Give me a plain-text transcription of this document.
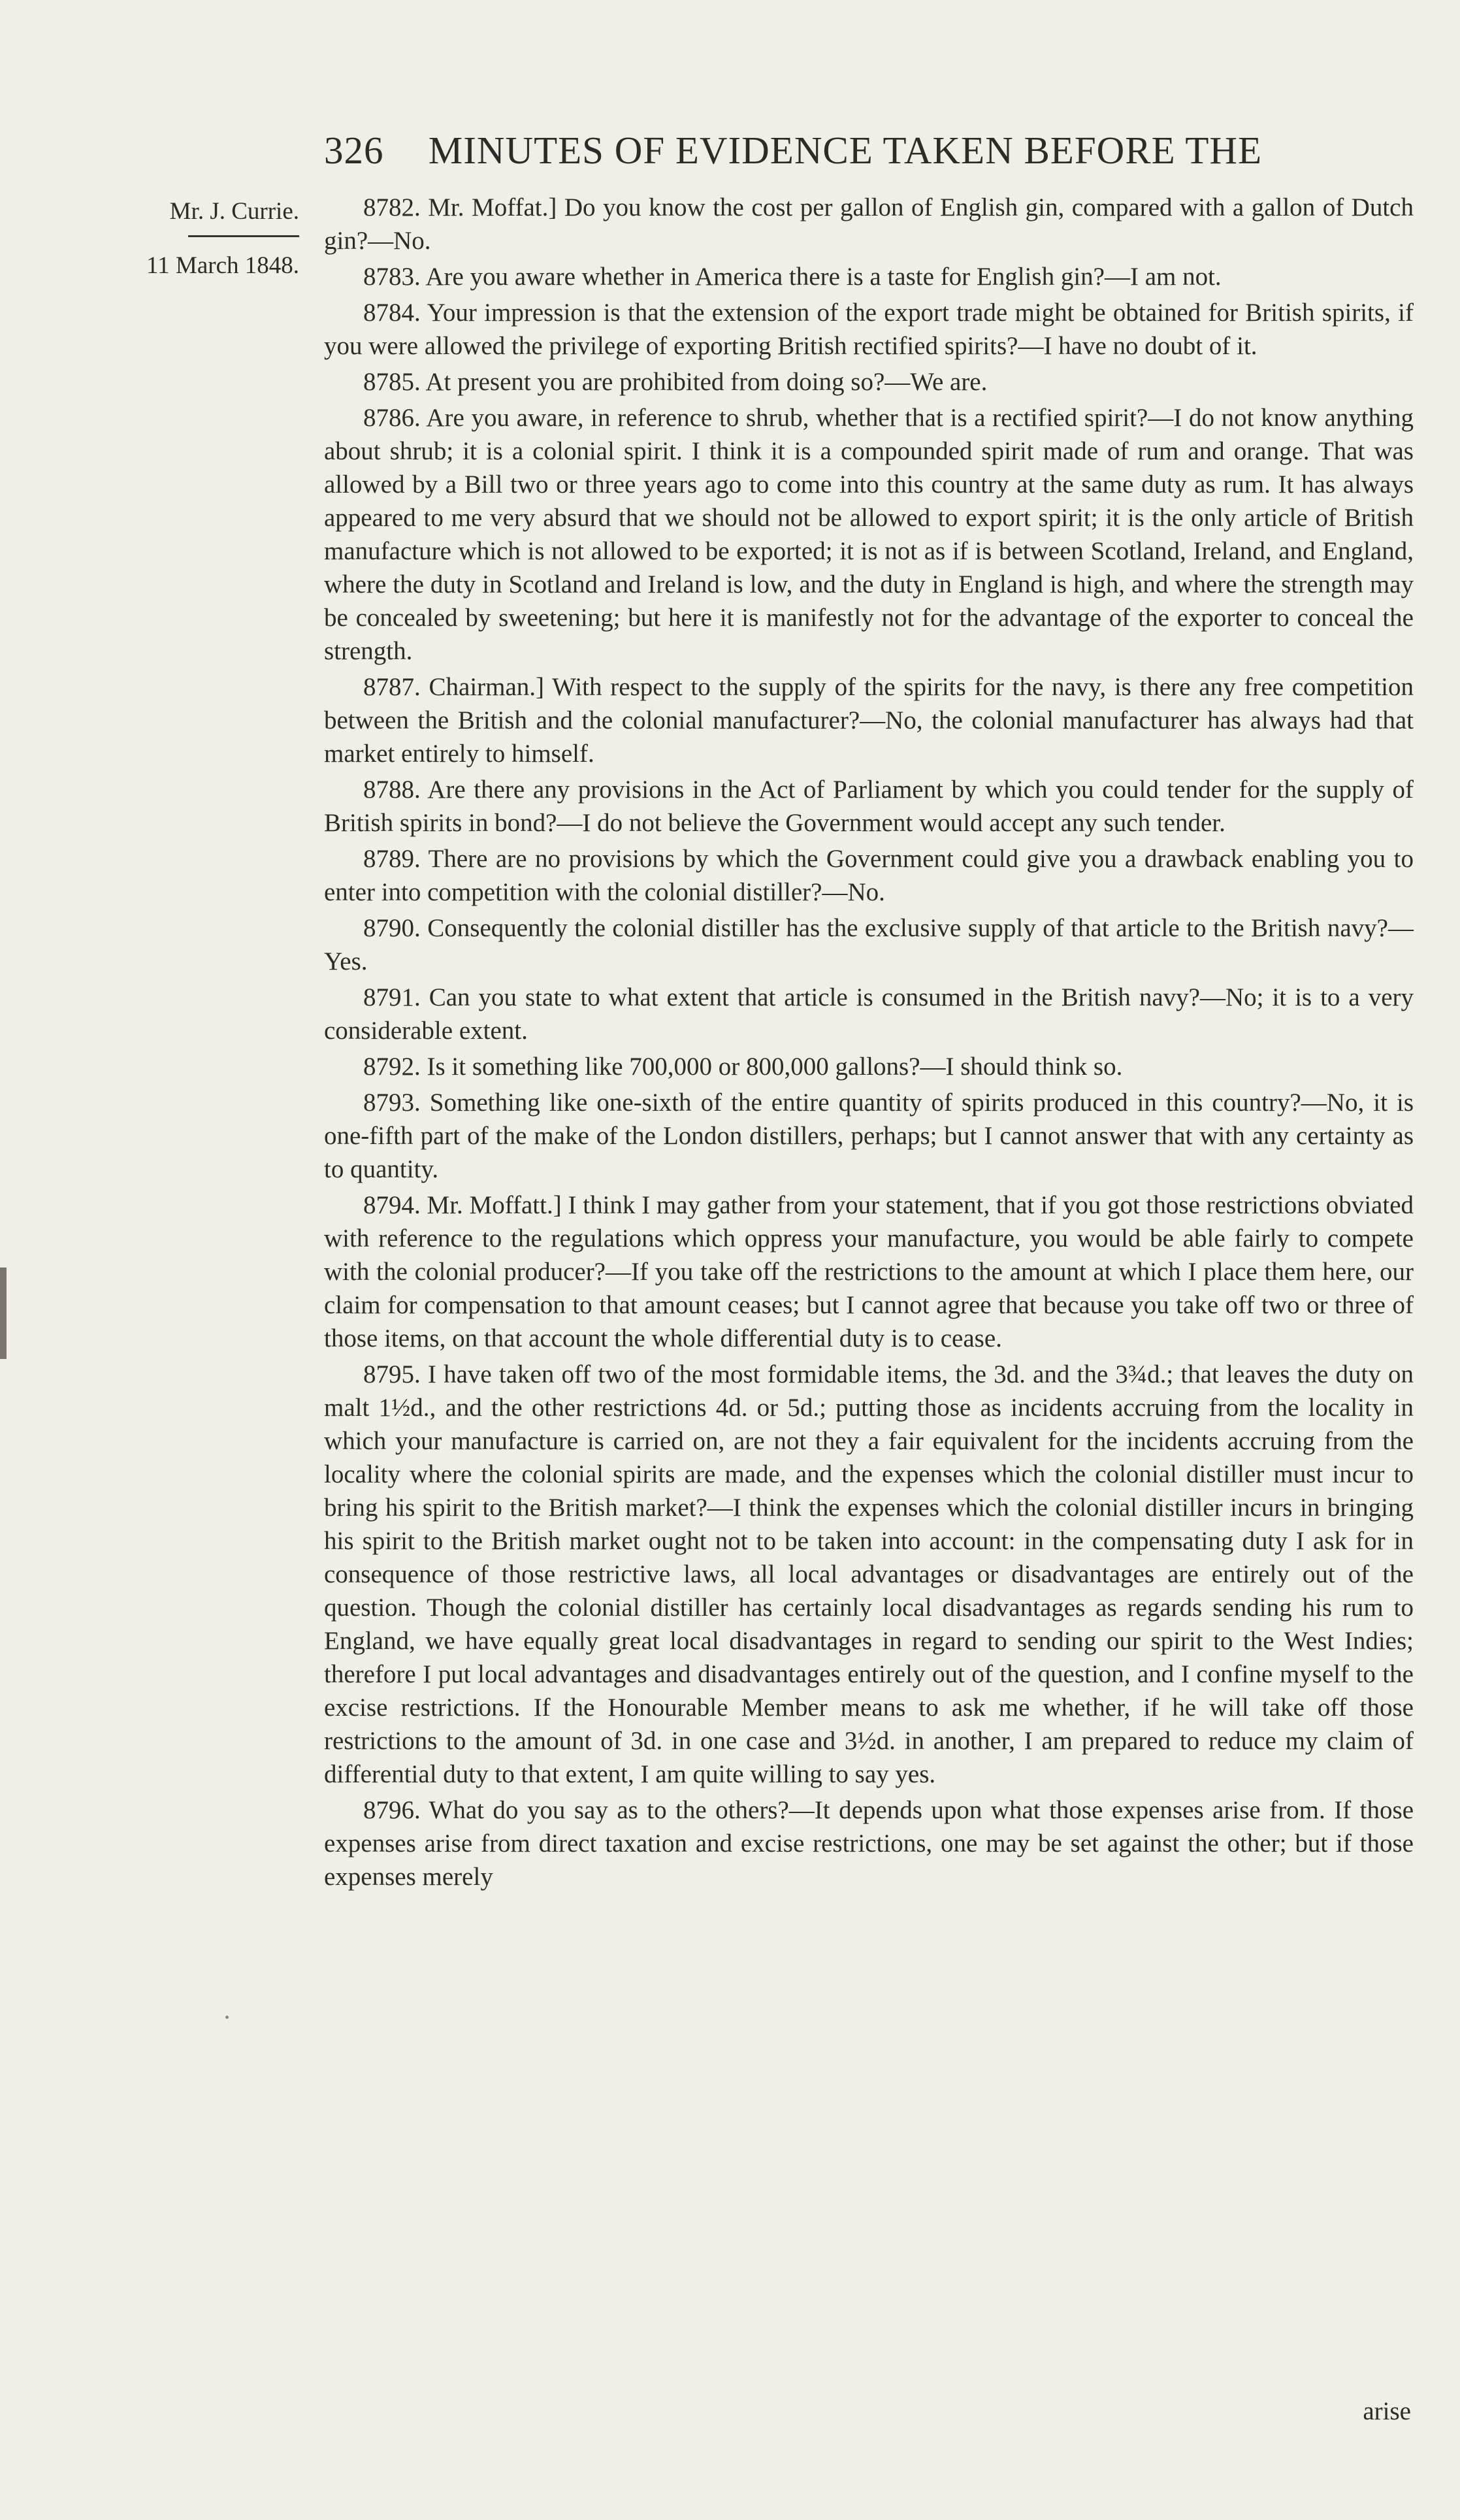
326 MINUTES OF EVIDENCE TAKEN BEFORE THE
Mr. J. Currie.
11 March 1848.

8782. Mr. Moffat.] Do you know the cost per gallon of English gin, compared with a gallon of Dutch gin?—No.

8783. Are you aware whether in America there is a taste for English gin?—I am not.

8784. Your impression is that the extension of the export trade might be obtained for British spirits, if you were allowed the privilege of exporting British rectified spirits?—I have no doubt of it.

8785. At present you are prohibited from doing so?—We are.

8786. Are you aware, in reference to shrub, whether that is a rectified spirit?—I do not know anything about shrub; it is a colonial spirit. I think it is a compounded spirit made of rum and orange. That was allowed by a Bill two or three years ago to come into this country at the same duty as rum. It has always appeared to me very absurd that we should not be allowed to export spirit; it is the only article of British manufacture which is not allowed to be exported; it is not as if is between Scotland, Ireland, and England, where the duty in Scotland and Ireland is low, and the duty in England is high, and where the strength may be concealed by sweetening; but here it is manifestly not for the advantage of the exporter to conceal the strength.

8787. Chairman.] With respect to the supply of the spirits for the navy, is there any free competition between the British and the colonial manufacturer?—No, the colonial manufacturer has always had that market entirely to himself.

8788. Are there any provisions in the Act of Parliament by which you could tender for the supply of British spirits in bond?—I do not believe the Government would accept any such tender.

8789. There are no provisions by which the Government could give you a drawback enabling you to enter into competition with the colonial distiller?—No.

8790. Consequently the colonial distiller has the exclusive supply of that article to the British navy?—Yes.

8791. Can you state to what extent that article is consumed in the British navy?—No; it is to a very considerable extent.

8792. Is it something like 700,000 or 800,000 gallons?—I should think so.

8793. Something like one-sixth of the entire quantity of spirits produced in this country?—No, it is one-fifth part of the make of the London distillers, perhaps; but I cannot answer that with any certainty as to quantity.

8794. Mr. Moffatt.] I think I may gather from your statement, that if you got those restrictions obviated with reference to the regulations which oppress your manufacture, you would be able fairly to compete with the colonial producer?—If you take off the restrictions to the amount at which I place them here, our claim for compensation to that amount ceases; but I cannot agree that because you take off two or three of those items, on that account the whole differential duty is to cease.

8795. I have taken off two of the most formidable items, the 3d. and the 3¾d.; that leaves the duty on malt 1½d., and the other restrictions 4d. or 5d.; putting those as incidents accruing from the locality in which your manufacture is carried on, are not they a fair equivalent for the incidents accruing from the locality where the colonial spirits are made, and the expenses which the colonial distiller must incur to bring his spirit to the British market?—I think the expenses which the colonial distiller incurs in bringing his spirit to the British market ought not to be taken into account: in the compensating duty I ask for in consequence of those restrictive laws, all local advantages or disadvantages are entirely out of the question. Though the colonial distiller has certainly local disadvantages as regards sending his rum to England, we have equally great local disadvantages in regard to sending our spirit to the West Indies; therefore I put local advantages and disadvantages entirely out of the question, and I confine myself to the excise restrictions. If the Honourable Member means to ask me whether, if he will take off those restrictions to the amount of 3d. in one case and 3½d. in another, I am prepared to reduce my claim of differential duty to that extent, I am quite willing to say yes.

8796. What do you say as to the others?—It depends upon what those expenses arise from. If those expenses arise from direct taxation and excise restrictions, one may be set against the other; but if those expenses merely

arise
